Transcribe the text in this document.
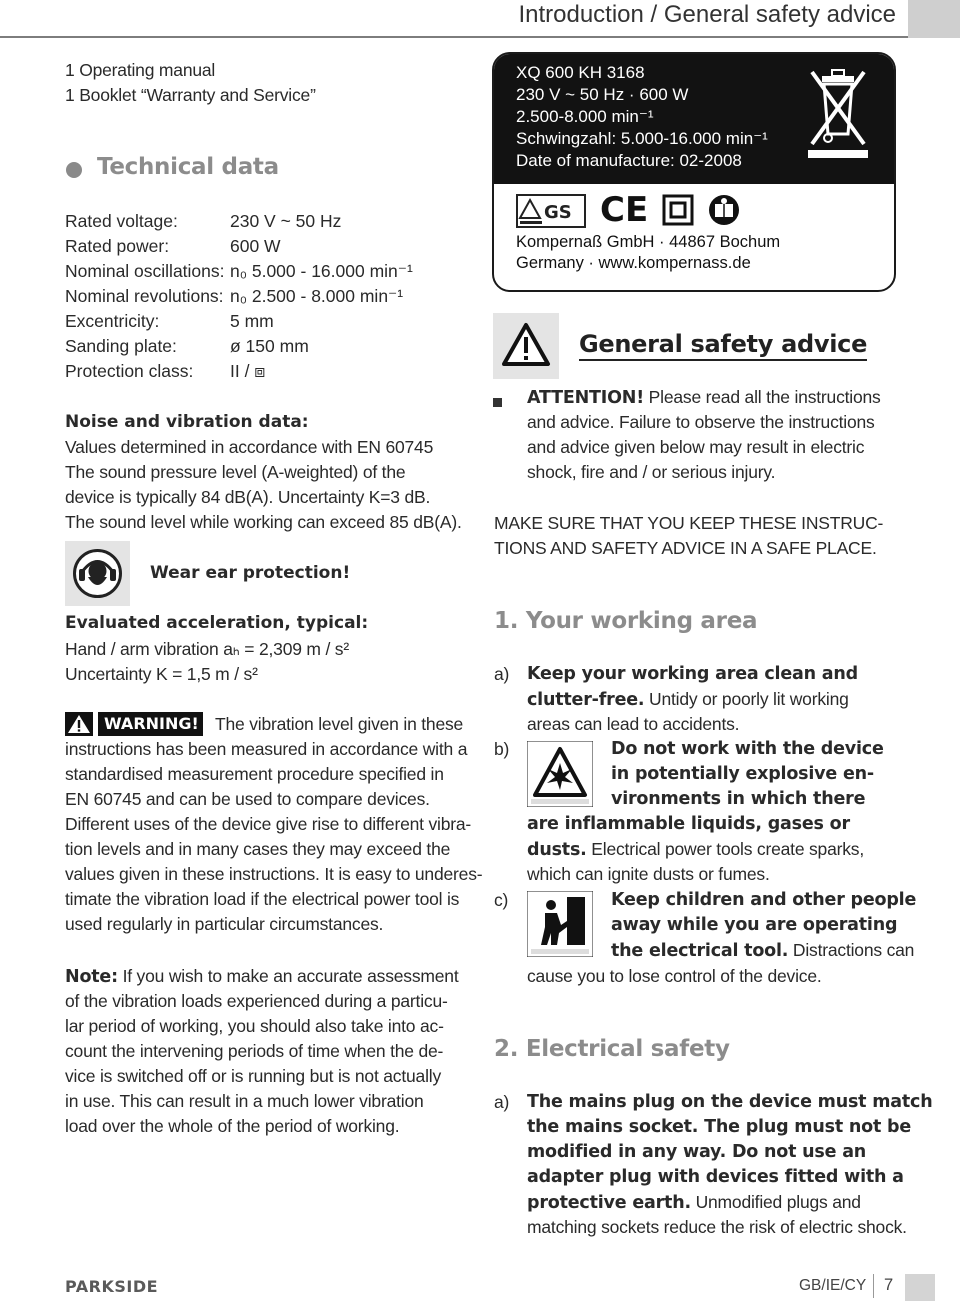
Introduction / General safety advice
1 Operating manual
1 Booklet “Warranty and Service”
Technical data
Rated voltage:	230 V ~ 50 Hz
Rated power:	600 W
Nominal oscillations: n₀ 5.000 - 16.000 min⁻¹
Nominal revolutions: n₀ 2.500 - 8.000 min⁻¹
Excentricity:	5 mm
Sanding plate:	ø 150 mm
Protection class: II / ⧈
Noise and vibration data:
Values determined in accordance with EN 60745
The sound pressure level (A-weighted) of the
device is typically 84 dB(A). Uncertainty K=3 dB.
The sound level while working can exceed 85 dB(A).
Wear ear protection!
Evaluated acceleration, typical:
Hand / arm vibration aₕ = 2,309 m / s²
Uncertainty K = 1,5 m / s²
WARNING! The vibration level given in these
instructions has been measured in accordance with a
standardised measurement procedure specified in
EN 60745 and can be used to compare devices.
Different uses of the device give rise to different vibra-
tion levels and in many cases they may exceed the
values given in these instructions. It is easy to underes-
timate the vibration load if the electrical power tool is
used regularly in particular circumstances.
Note: If you wish to make an accurate assessment
of the vibration loads experienced during a particu-
lar period of working, you should also take into ac-
count the intervening periods of time when the de-
vice is switched off or is running but is not actually
in use. This can result in a much lower vibration
load over the whole of the period of working.
XQ 600 KH 3168
230 V ~ 50 Hz · 600 W
2.500-8.000 min⁻¹
Schwingzahl: 5.000-16.000 min⁻¹
Date of manufacture: 02-2008
GS CE
Kompernaß GmbH · 44867 Bochum
Germany · www.kompernass.de
General safety advice
ATTENTION! Please read all the instructions
and advice. Failure to observe the instructions
and advice given below may result in electric
shock, fire and / or serious injury.
MAKE SURE THAT YOU KEEP THESE INSTRUC-
TIONS AND SAFETY ADVICE IN A SAFE PLACE.
1. Your working area
a) Keep your working area clean and
clutter-free. Untidy or poorly lit working
areas can lead to accidents.
b)	Do not work with the device
in potentially explosive en-
vironments in which there
are inflammable liquids, gases or
dusts. Electrical power tools create sparks,
which can ignite dusts or fumes.
c)	Keep children and other people
away while you are operating
the electrical tool. Distractions can
cause you to lose control of the device.
2. Electrical safety
a) The mains plug on the device must match
the mains socket. The plug must not be
modified in any way. Do not use an
adapter plug with devices fitted with a
protective earth. Unmodified plugs and
matching sockets reduce the risk of electric shock.
PARKSIDE	GB/IE/CY 7
